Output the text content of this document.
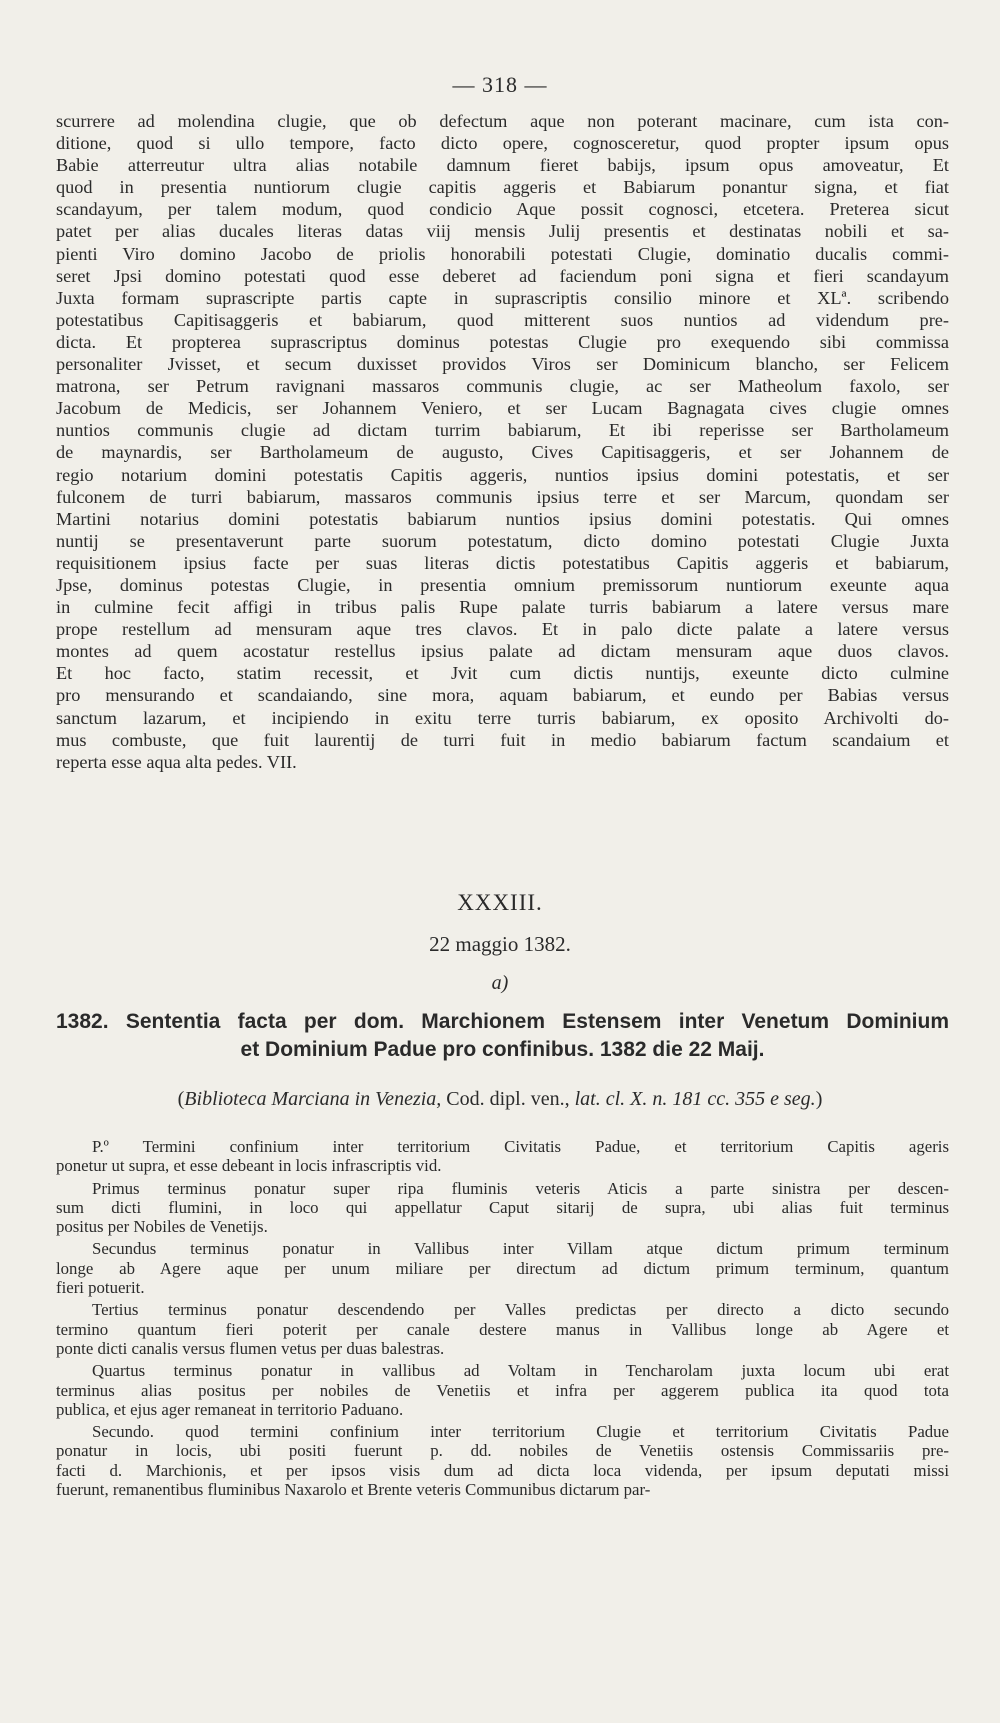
— 318 —
scurrere ad molendina clugie, que ob defectum aque non poterant macinare, cum ista con-
ditione, quod si ullo tempore, facto dicto opere, cognosceretur, quod propter ipsum opus
Babie atterreutur ultra alias notabile damnum fieret babijs, ipsum opus amoveatur, Et
quod in presentia nuntiorum clugie capitis aggeris et Babiarum ponantur signa, et fiat
scandayum, per talem modum, quod condicio Aque possit cognosci, etcetera. Preterea sicut
patet per alias ducales literas datas viij mensis Julij presentis et destinatas nobili et sa-
pienti Viro domino Jacobo de priolis honorabili potestati Clugie, dominatio ducalis commi-
seret Jpsi domino potestati quod esse deberet ad faciendum poni signa et fieri scandayum
Juxta formam suprascripte partis capte in suprascriptis consilio minore et XLª. scribendo
potestatibus Capitisaggeris et babiarum, quod mitterent suos nuntios ad videndum pre-
dicta. Et propterea suprascriptus dominus potestas Clugie pro exequendo sibi commissa
personaliter Jvisset, et secum duxisset providos Viros ser Dominicum blancho, ser Felicem
matrona, ser Petrum ravignani massaros communis clugie, ac ser Matheolum faxolo, ser
Jacobum de Medicis, ser Johannem Veniero, et ser Lucam Bagnagata cives clugie omnes
nuntios communis clugie ad dictam turrim babiarum, Et ibi reperisse ser Bartholameum
de maynardis, ser Bartholameum de augusto, Cives Capitisaggeris, et ser Johannem de
regio notarium domini potestatis Capitis aggeris, nuntios ipsius domini potestatis, et ser
fulconem de turri babiarum, massaros communis ipsius terre et ser Marcum, quondam ser
Martini notarius domini potestatis babiarum nuntios ipsius domini potestatis. Qui omnes
nuntij se presentaverunt parte suorum potestatum, dicto domino potestati Clugie Juxta
requisitionem ipsius facte per suas literas dictis potestatibus Capitis aggeris et babiarum,
Jpse, dominus potestas Clugie, in presentia omnium premissorum nuntiorum exeunte aqua
in culmine fecit affigi in tribus palis Rupe palate turris babiarum a latere versus mare
prope restellum ad mensuram aque tres clavos. Et in palo dicte palate a latere versus
montes ad quem acostatur restellus ipsius palate ad dictam mensuram aque duos clavos.
Et hoc facto, statim recessit, et Jvit cum dictis nuntijs, exeunte dicto culmine
pro mensurando et scandaiando, sine mora, aquam babiarum, et eundo per Babias versus
sanctum lazarum, et incipiendo in exitu terre turris babiarum, ex oposito Archivolti do-
mus combuste, que fuit laurentij de turri fuit in medio babiarum factum scandaium et
reperta esse aqua alta pedes. VII.
XXXIII.
22 maggio 1382.
a)
1382. Sententia facta per dom. Marchionem Estensem inter Venetum Dominium
et Dominium Padue pro confinibus. 1382 die 22 Maij.
(Biblioteca Marciana in Venezia, Cod. dipl. ven., lat. cl. X. n. 181 cc. 355 e seg.)
P.º Termini confinium inter territorium Civitatis Padue, et territorium Capitis ageris
ponetur ut supra, et esse debeant in locis infrascriptis vid.
Primus terminus ponatur super ripa fluminis veteris Aticis a parte sinistra per descen-
sum dicti flumini, in loco qui appellatur Caput sitarij de supra, ubi alias fuit terminus
positus per Nobiles de Venetijs.
Secundus terminus ponatur in Vallibus inter Villam atque dictum primum terminum
longe ab Agere aque per unum miliare per directum ad dictum primum terminum, quantum
fieri potuerit.
Tertius terminus ponatur descendendo per Valles predictas per directo a dicto secundo
termino quantum fieri poterit per canale destere manus in Vallibus longe ab Agere et
ponte dicti canalis versus flumen vetus per duas balestras.
Quartus terminus ponatur in vallibus ad Voltam in Tencharolam juxta locum ubi erat
terminus alias positus per nobiles de Venetiis et infra per aggerem publica ita quod tota
publica, et ejus ager remaneat in territorio Paduano.
Secundo. quod termini confinium inter territorium Clugie et territorium Civitatis Padue
ponatur in locis, ubi positi fuerunt p. dd. nobiles de Venetiis ostensis Commissariis pre-
facti d. Marchionis, et per ipsos visis dum ad dicta loca videnda, per ipsum deputati missi
fuerunt, remanentibus fluminibus Naxarolo et Brente veteris Communibus dictarum par-
